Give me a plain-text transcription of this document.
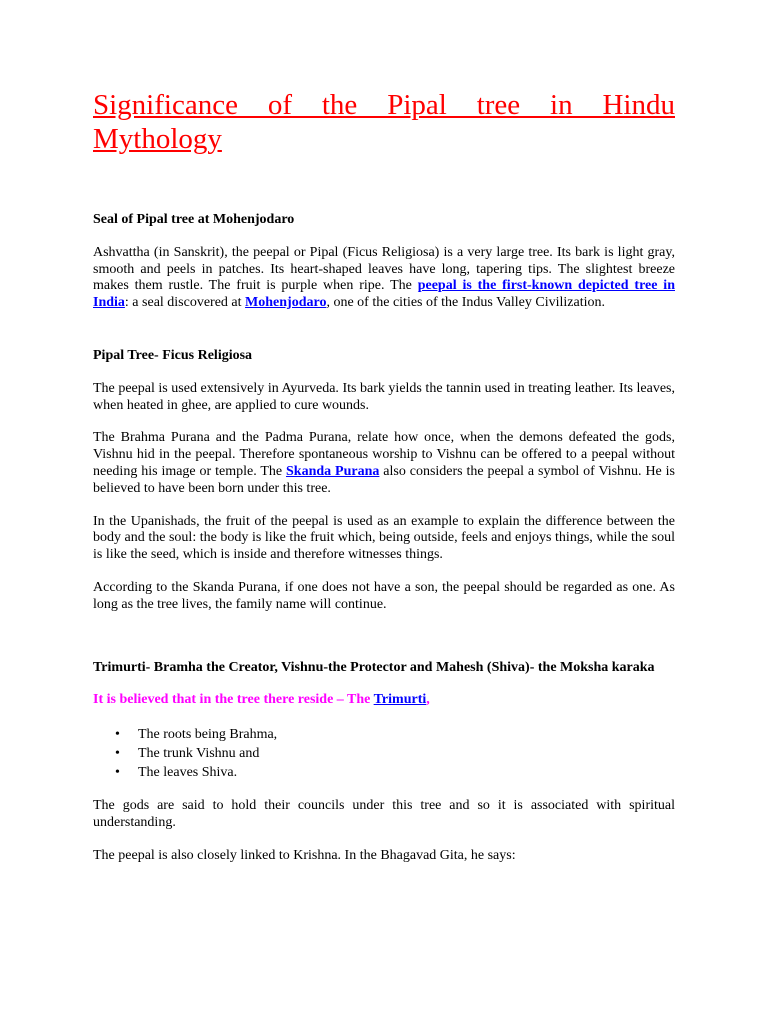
Significance of the Pipal tree in Hindu Mythology
Seal of Pipal tree at Mohenjodaro

Ashvattha (in Sanskrit), the peepal or Pipal (Ficus Religiosa) is a very large tree. Its bark is light gray, smooth and peels in patches. Its heart-shaped leaves have long, tapering tips. The slightest breeze makes them rustle. The fruit is purple when ripe. The peepal is the first-known depicted tree in India: a seal discovered at Mohenjodaro, one of the cities of the Indus Valley Civilization.

Pipal Tree- Ficus Religiosa

The peepal is used extensively in Ayurveda. Its bark yields the tannin used in treating leather. Its leaves, when heated in ghee, are applied to cure wounds.

The Brahma Purana and the Padma Purana, relate how once, when the demons defeated the gods, Vishnu hid in the peepal. Therefore spontaneous worship to Vishnu can be offered to a peepal without needing his image or temple. The Skanda Purana also considers the peepal a symbol of Vishnu. He is believed to have been born under this tree.

In the Upanishads, the fruit of the peepal is used as an example to explain the difference between the body and the soul: the body is like the fruit which, being outside, feels and enjoys things, while the soul is like the seed, which is inside and therefore witnesses things.

According to the Skanda Purana, if one does not have a son, the peepal should be regarded as one. As long as the tree lives, the family name will continue.

Trimurti- Bramha the Creator, Vishnu-the Protector and Mahesh (Shiva)- the Moksha karaka

It is believed that in the tree there reside – The Trimurti,

• The roots being Brahma,
• The trunk Vishnu and
• The leaves Shiva.

The gods are said to hold their councils under this tree and so it is associated with spiritual understanding.

The peepal is also closely linked to Krishna. In the Bhagavad Gita, he says:
